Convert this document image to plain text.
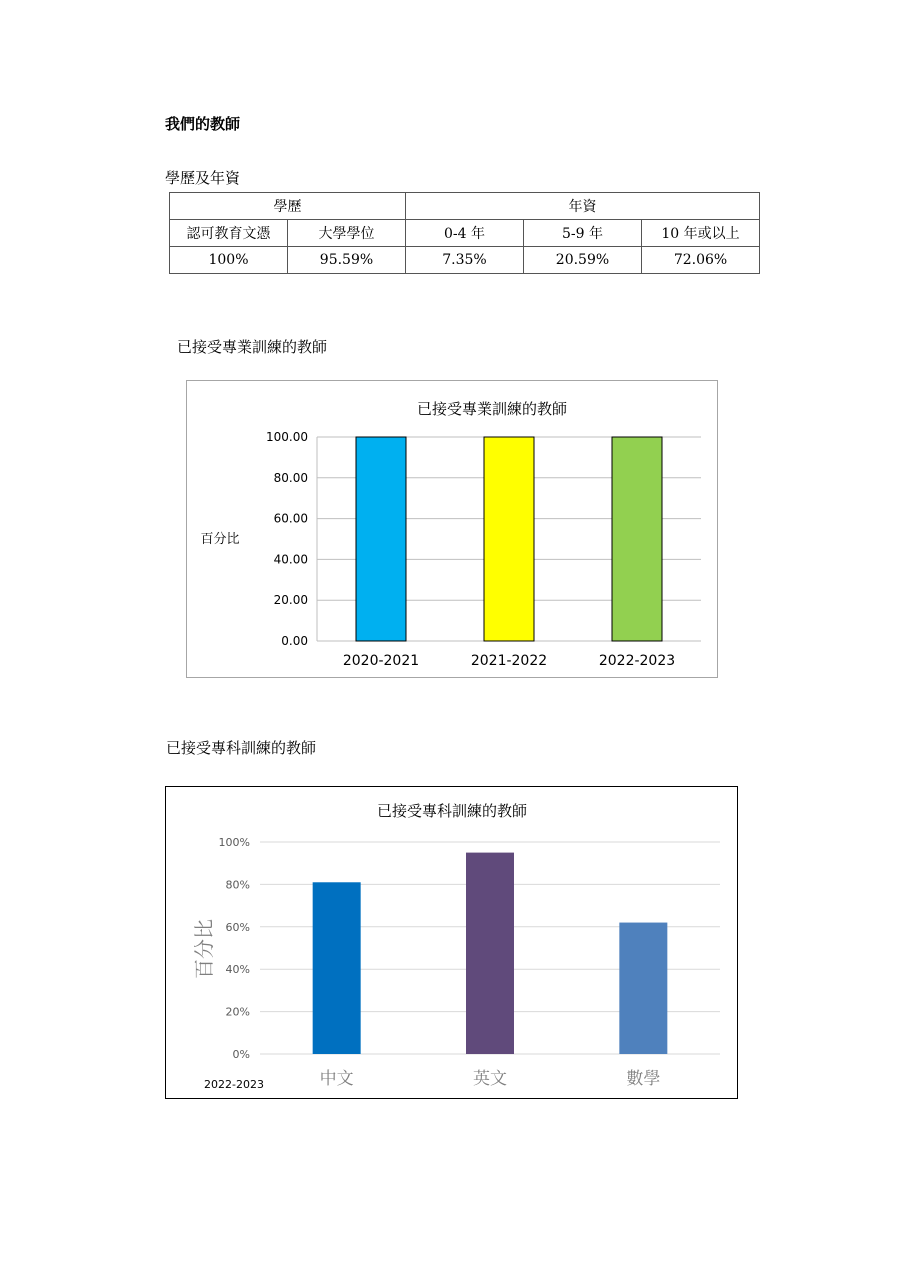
我們的教師
學歷及年資
學歷		年資		
認可教育文憑	大學學位	0-4 年	5-9 年	10 年或以上
100%	95.59%	7.35%	20.59%	72.06%
已接受專業訓練的教師
0.00
20.00
40.00
60.00
80.00
100.00
2020-2021	2021-2022	2022-2023
已接受專業訓練的教師
百分比
已接受專科訓練的教師
0%
20%
40%
60%
80%
100%
中文	英文	數學
已接受專科訓練的教師
百分比
2022-2023
